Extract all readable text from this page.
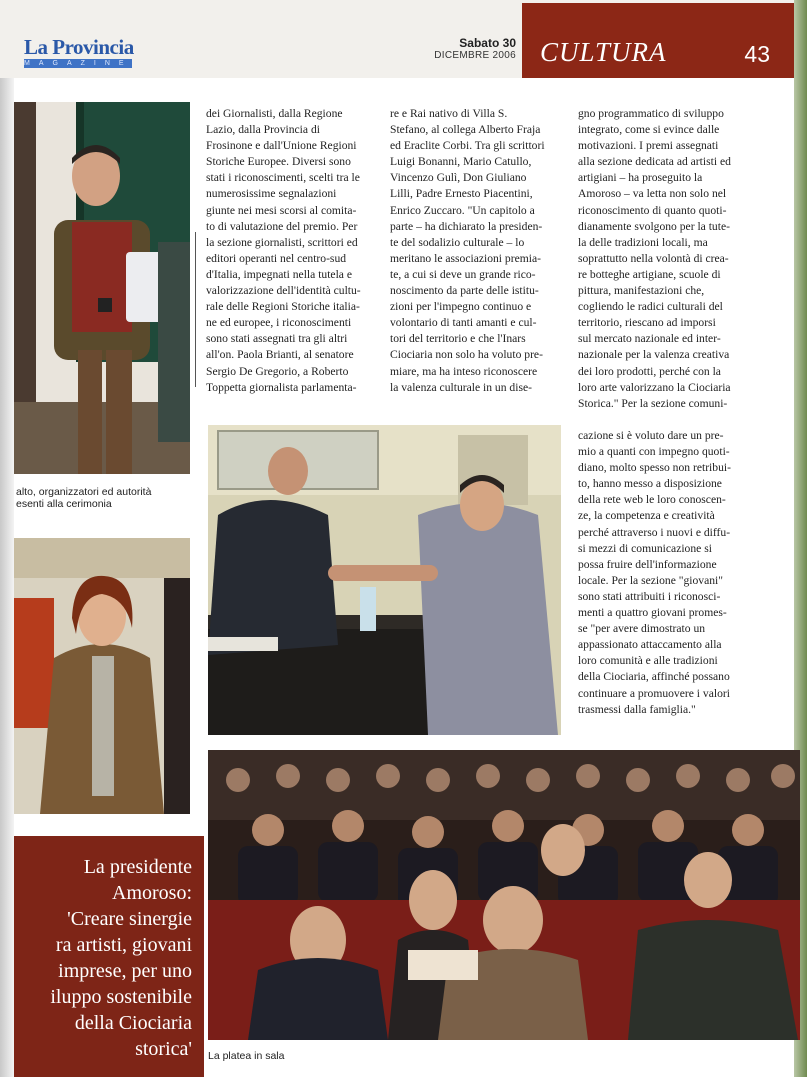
La Provincia
MAGAZINE
Sabato 30
DICEMBRE 2006 CULTURA	43
alto, organizzatori ed autorità
esenti alla cerimonia
La platea in sala

La presidente
Amoroso:
'Creare sinergie
ra artisti, giovani
imprese, per uno
iluppo sostenibile
della Ciociaria
storica'

dei Giornalisti, dalla Regione
Lazio, dalla Provincia di
Frosinone e dall'Unione Regioni
Storiche Europee. Diversi sono
stati i riconoscimenti, scelti tra le
numerosissime segnalazioni
giunte nei mesi scorsi al comita-
to di valutazione del premio. Per
la sezione giornalisti, scrittori ed
editori operanti nel centro-sud
d'Italia, impegnati nella tutela e
valorizzazione dell'identità cultu-
rale delle Regioni Storiche italia-
ne ed europee, i riconoscimenti
sono stati assegnati tra gli altri
all'on. Paola Brianti, al senatore
Sergio De Gregorio, a Roberto
Toppetta giornalista parlamenta-
re e Rai nativo di Villa S.
Stefano, al collega Alberto Fraja
ed Eraclite Corbi. Tra gli scrittori
Luigi Bonanni, Mario Catullo,
Vincenzo Gulì, Don Giuliano
Lilli, Padre Ernesto Piacentini,
Enrico Zuccaro. "Un capitolo a
parte – ha dichiarato la presiden-
te del sodalizio culturale – lo
meritano le associazioni premia-
te, a cui si deve un grande rico-
noscimento da parte delle istitu-
zioni per l'impegno continuo e
volontario di tanti amanti e cul-
tori del territorio e che l'Inars
Ciociaria non solo ha voluto pre-
miare, ma ha inteso riconoscere
la valenza culturale in un dise-
gno programmatico di sviluppo
integrato, come si evince dalle
motivazioni. I premi assegnati
alla sezione dedicata ad artisti ed
artigiani – ha proseguito la
Amoroso – va letta non solo nel
riconoscimento di quanto quoti-
dianamente svolgono per la tute-
la delle tradizioni locali, ma
soprattutto nella volontà di crea-
re botteghe artigiane, scuole di
pittura, manifestazioni che,
cogliendo le radici culturali del
territorio, riescano ad imporsi
sul mercato nazionale ed inter-
nazionale per la valenza creativa
dei loro prodotti, perché con la
loro arte valorizzano la Ciociaria
Storica." Per la sezione comuni-
cazione si è voluto dare un pre-
mio a quanti con impegno quoti-
diano, molto spesso non retribui-
to, hanno messo a disposizione
della rete web le loro conoscen-
ze, la competenza e creatività
perché attraverso i nuovi e diffu-
si mezzi di comunicazione si
possa fruire dell'informazione
locale. Per la sezione "giovani"
sono stati attribuiti i riconosci-
menti a quattro giovani promes-
se "per avere dimostrato un
appassionato attaccamento alla
loro comunità e alle tradizioni
della Ciociaria, affinché possano
continuare a promuovere i valori
trasmessi dalla famiglia."
